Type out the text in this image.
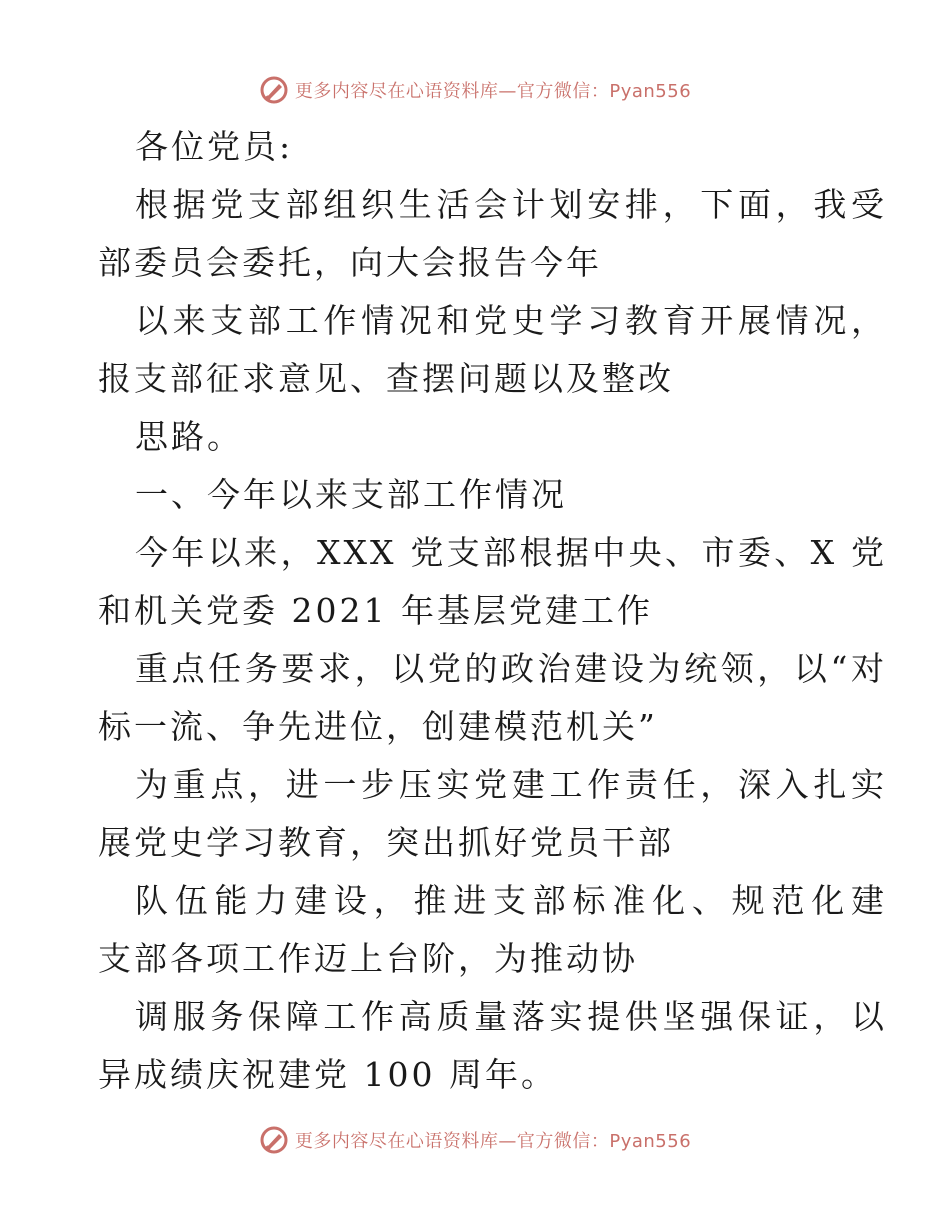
更多内容尽在心语资料库—官方微信：Pyan556
各位党员:
根据党支部组织生活会计划安排，下面，我受
部委员会委托，向大会报告今年
以来支部工作情况和党史学习教育开展情况，
报支部征求意见、查摆问题以及整改
思路。
一、今年以来支部工作情况
今年以来，XXX 党支部根据中央、市委、X 党
和机关党委 2021 年基层党建工作
重点任务要求，以党的政治建设为统领，以“对
标一流、争先进位，创建模范机关”
为重点，进一步压实党建工作责任，深入扎实
展党史学习教育，突出抓好党员干部
队伍能力建设，推进支部标准化、规范化建
支部各项工作迈上台阶，为推动协
调服务保障工作高质量落实提供坚强保证，以
异成绩庆祝建党 100 周年。
更多内容尽在心语资料库—官方微信：Pyan556
